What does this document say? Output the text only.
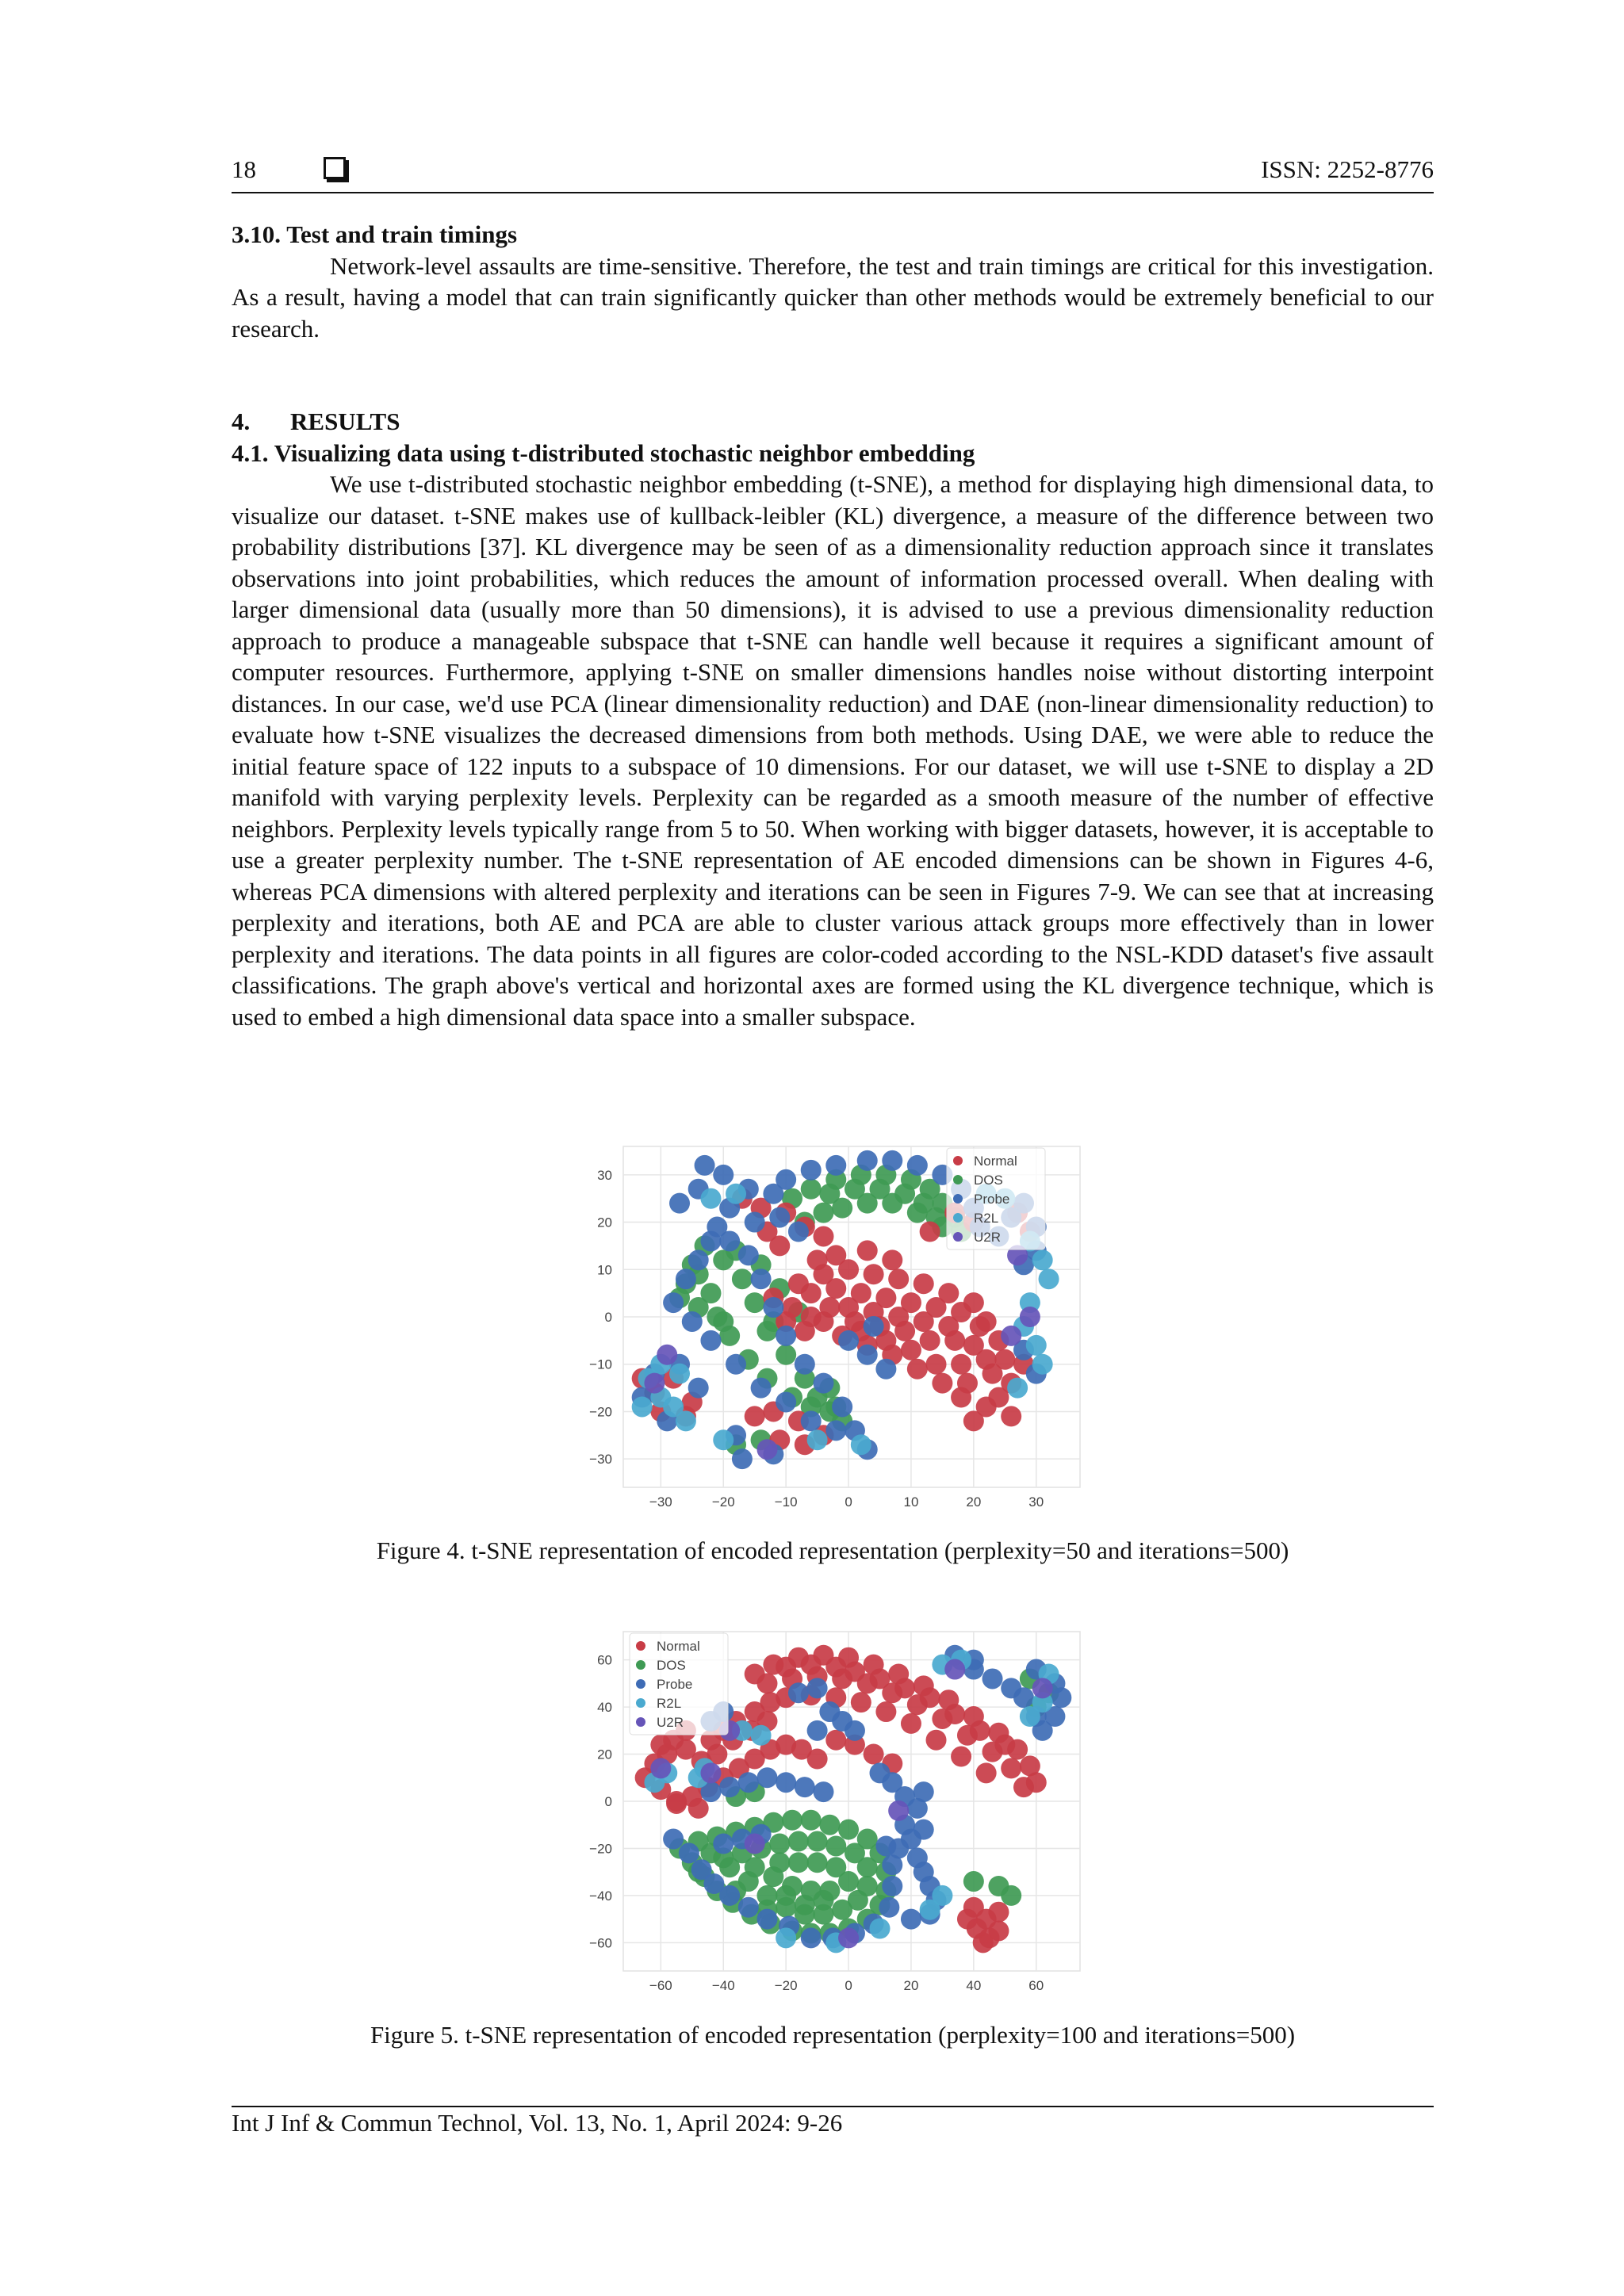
18	ISSN: 2252-8776

3.10. Test and train timings

Network-level assaults are time-sensitive. Therefore, the test and train timings are critical for this investigation. As a result, having a model that can train significantly quicker than other methods would be extremely beneficial to our research.

4. RESULTS

4.1. Visualizing data using t-distributed stochastic neighbor embedding

We use t-distributed stochastic neighbor embedding (t-SNE), a method for displaying high dimensional data, to visualize our dataset. t-SNE makes use of kullback-leibler (KL) divergence, a measure of the difference between two probability distributions [37]. KL divergence may be seen of as a dimensionality reduction approach since it translates observations into joint probabilities, which reduces the amount of information processed overall. When dealing with larger dimensional data (usually more than 50 dimensions), it is advised to use a previous dimensionality reduction approach to produce a manageable subspace that t-SNE can handle well because it requires a significant amount of computer resources. Furthermore, applying t-SNE on smaller dimensions handles noise without distorting interpoint distances. In our case, we'd use PCA (linear dimensionality reduction) and DAE (non-linear dimensionality reduction) to evaluate how t-SNE visualizes the decreased dimensions from both methods. Using DAE, we were able to reduce the initial feature space of 122 inputs to a subspace of 10 dimensions. For our dataset, we will use t-SNE to display a 2D manifold with varying perplexity levels. Perplexity can be regarded as a smooth measure of the number of effective neighbors. Perplexity levels typically range from 5 to 50. When working with bigger datasets, however, it is acceptable to use a greater perplexity number. The t-SNE representation of AE encoded dimensions can be shown in Figures 4-6, whereas PCA dimensions with altered perplexity and iterations can be seen in Figures 7-9. We can see that at increasing perplexity and iterations, both AE and PCA are able to cluster various attack groups more effectively than in lower perplexity and iterations. The data points in all figures are color-coded according to the NSL-KDD dataset's five assault classifications. The graph above's vertical and horizontal axes are formed using the KL divergence technique, which is used to embed a high dimensional data space into a smaller subspace.

−30	−20	−10	0	10	20	30
30
20
10
0
−10
−20
−30
Normal
DOS
Probe
R2L
U2R
Figure 4. t-SNE representation of encoded representation (perplexity=50 and iterations=500)
−60	−40	−20	0	20	40	60
60
40
20
0
−20
−40
−60
Normal
DOS
Probe
R2L
U2R
Figure 5. t-SNE representation of encoded representation (perplexity=100 and iterations=500)
Int J Inf & Commun Technol, Vol. 13, No. 1, April 2024: 9-26
